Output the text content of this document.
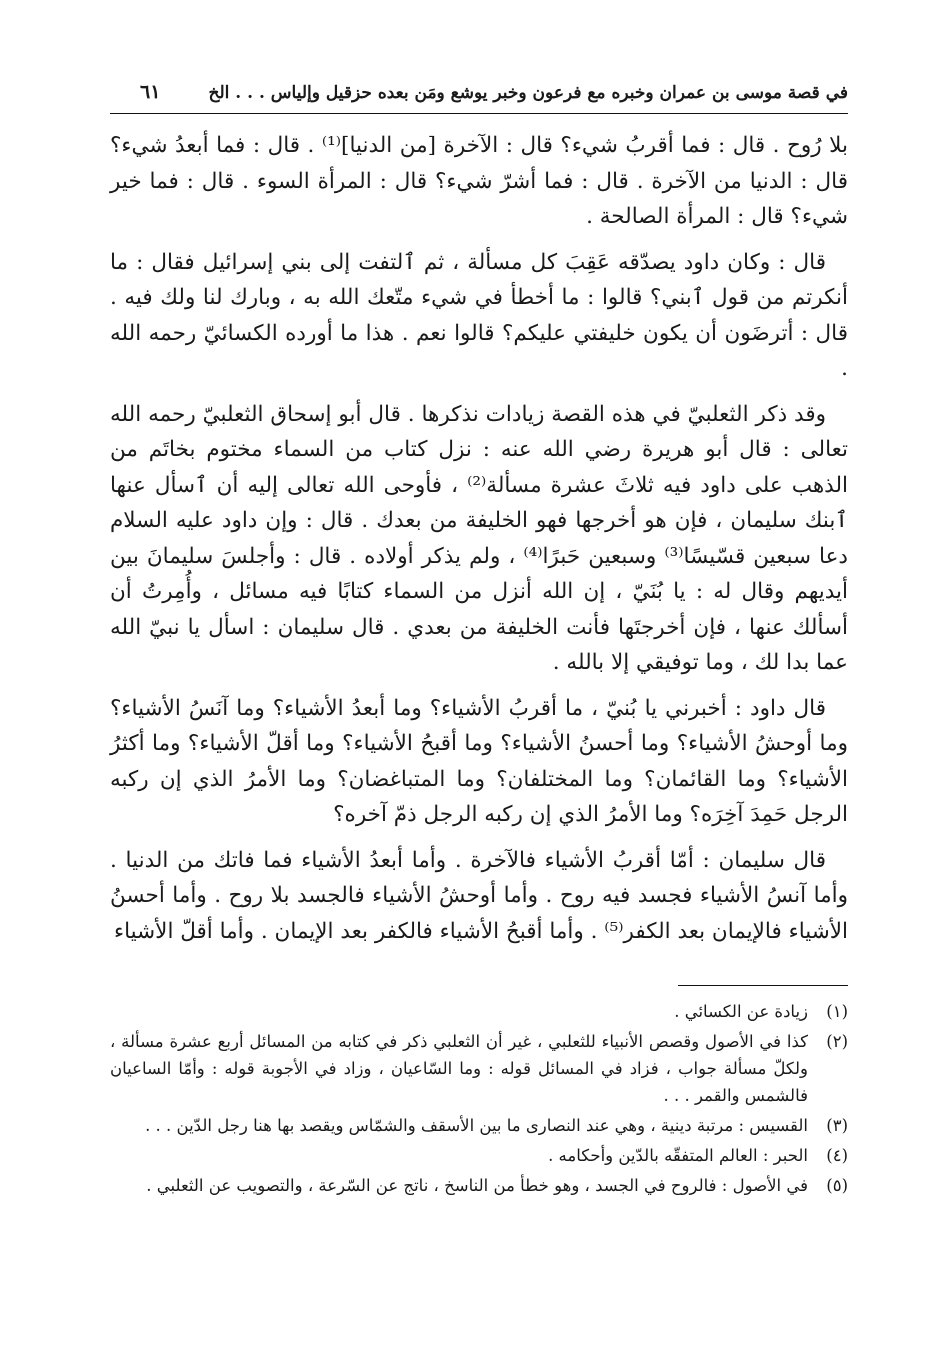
في قصة موسى بن عمران وخبره مع فرعون وخبر يوشع ومَن بعده حزقيل وإلياس . . . الخ
٦١

بلا رُوح . قال : فما أقربُ شيء؟ قال : الآخرة [من الدنيا]⁽¹⁾ . قال : فما أبعدُ شيء؟ قال : الدنيا من الآخرة . قال : فما أشرّ شيء؟ قال : المرأة السوء . قال : فما خير شيء؟ قال : المرأة الصالحة .

قال : وكان داود يصدّقه عَقِبَ كل مسألة ، ثم ٱلتفت إلى بني إسرائيل فقال : ما أنكرتم من قول ٱبني؟ قالوا : ما أخطأ في شيء متّعك الله به ، وبارك لنا ولك فيه . قال : أترضَون أن يكون خليفتي عليكم؟ قالوا نعم . هذا ما أورده الكسائيّ رحمه الله .

وقد ذكر الثعلبيّ في هذه القصة زيادات نذكرها . قال أبو إسحاق الثعلبيّ رحمه الله تعالى : قال أبو هريرة رضي الله عنه : نزل كتاب من السماء مختوم بخاتَم من الذهب على داود فيه ثلاثَ عشرة مسألة⁽²⁾ ، فأوحى الله تعالى إليه أن ٱسأل عنها ٱبنك سليمان ، فإن هو أخرجها فهو الخليفة من بعدك . قال : وإن داود عليه السلام دعا سبعين قسّيسًا⁽³⁾ وسبعين حَبرًا⁽⁴⁾ ، ولم يذكر أولاده . قال : وأجلسَ سليمانَ بين أيديهم وقال له : يا بُنَيّ ، إن الله أنزل من السماء كتابًا فيه مسائل ، وأُمِرتُ أن أسألك عنها ، فإن أخرجتَها فأنت الخليفة من بعدي . قال سليمان : اسأل يا نبيّ الله عما بدا لك ، وما توفيقي إلا بالله .

قال داود : أخبرني يا بُنيّ ، ما أقربُ الأشياء؟ وما أبعدُ الأشياء؟ وما آنَسُ الأشياء؟ وما أوحشُ الأشياء؟ وما أحسنُ الأشياء؟ وما أقبحُ الأشياء؟ وما أقلّ الأشياء؟ وما أكثرُ الأشياء؟ وما القائمان؟ وما المختلفان؟ وما المتباغضان؟ وما الأمرُ الذي إن ركبه الرجل حَمِدَ آخِرَه؟ وما الأمرُ الذي إن ركبه الرجل ذمّ آخره؟

قال سليمان : أمّا أقربُ الأشياء فالآخرة . وأما أبعدُ الأشياء فما فاتك من الدنيا . وأما آنسُ الأشياء فجسد فيه روح . وأما أوحشُ الأشياء فالجسد بلا روح . وأما أحسنُ الأشياء فالإيمان بعد الكفر⁽⁵⁾ . وأما أقبحُ الأشياء فالكفر بعد الإيمان . وأما أقلّ الأشياء

(١)
زيادة عن الكسائي .
(٢)
كذا في الأصول وقصص الأنبياء للثعلبي ، غير أن الثعلبي ذكر في كتابه من المسائل أربع عشرة مسألة ، ولكلّ مسألة جواب ، فزاد في المسائل قوله : وما السّاعيان ، وزاد في الأجوبة قوله : وأمّا الساعيان فالشمس والقمر . . .
(٣)
القسيس : مرتبة دينية ، وهي عند النصارى ما بين الأسقف والشمّاس ويقصد بها هنا رجل الدّين . . .
(٤)
الحبر : العالم المتفقّه بالدّين وأحكامه .
(٥)
في الأصول : فالروح في الجسد ، وهو خطأ من الناسخ ، ناتج عن السّرعة ، والتصويب عن الثعلبي .
